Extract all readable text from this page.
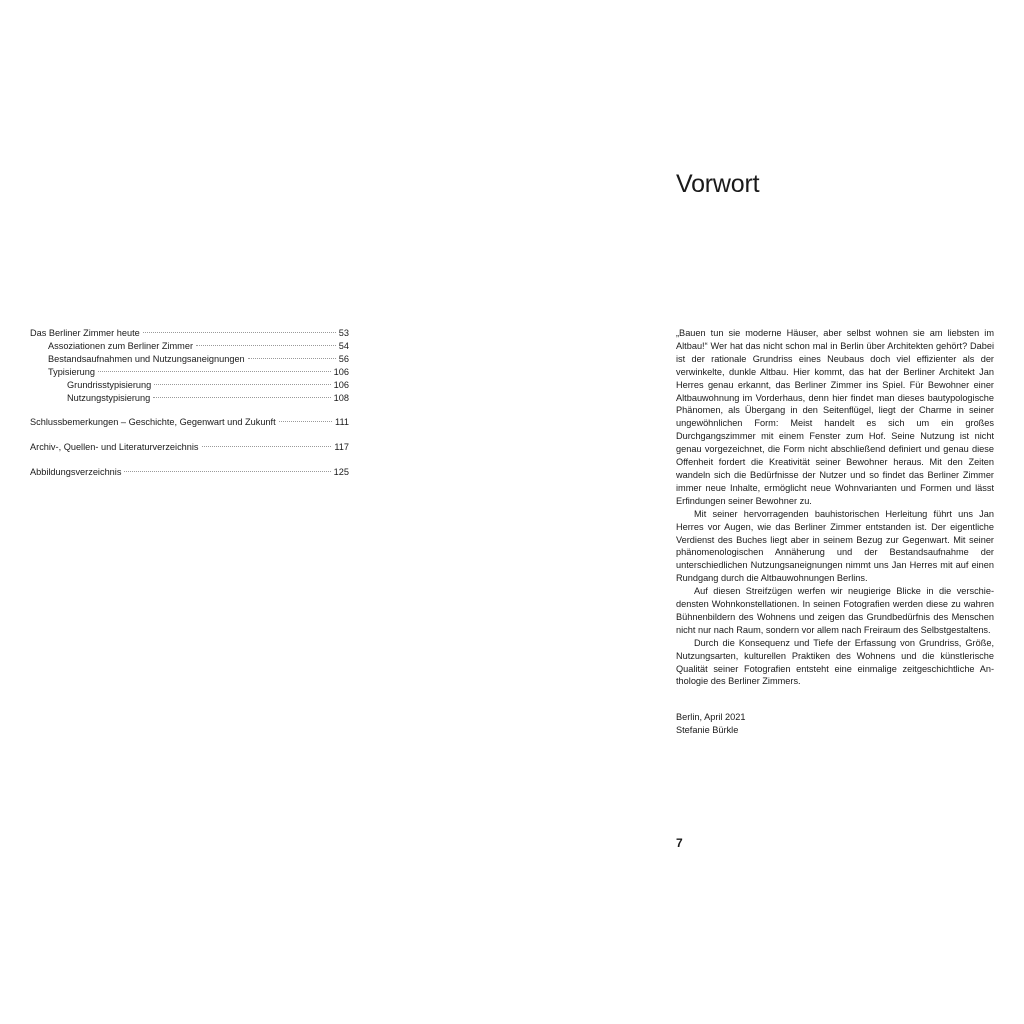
Das Berliner Zimmer heute	53
Assoziationen zum Berliner Zimmer	54
Bestandsaufnahmen und Nutzungsaneignungen	56
Typisierung	106
Grundrisstypisierung	106
Nutzungstypisierung	108
Schlussbemerkungen – Geschichte, Gegenwart und Zukunft	111
Archiv-, Quellen- und Literaturverzeichnis	117
Abbildungsverzeichnis	125
Vorwort

„Bauen tun sie moderne Häuser, aber selbst wohnen sie am liebsten im Altbau!“ Wer hat das nicht schon mal in Berlin über Architekten gehört? Dabei ist der rationale Grundriss eines Neubaus doch viel effizienter als der verwinkelte, dunkle Altbau. Hier kommt, das hat der Berliner Architekt Jan Herres genau erkannt, das Berliner Zimmer ins Spiel. Für Bewohner einer Altbauwohnung im Vorderhaus, denn hier findet man dieses bautypologische Phänomen, als Übergang in den Seitenflügel, liegt der Charme in seiner ungewöhnlichen Form: Meist handelt es sich um ein großes Durchgangszimmer mit einem Fenster zum Hof. Seine Nutzung ist nicht genau vorgezeichnet, die Form nicht abschließend definiert und genau diese Offenheit fordert die Kreativität seiner Bewohner heraus. Mit den Zeiten wandeln sich die Bedürfnisse der Nutzer und so findet das Berliner Zimmer immer neue Inhalte, ermöglicht neue Wohnvarianten und Formen und lässt Erfindungen seiner Bewohner zu.

Mit seiner hervorragenden bauhistorischen Herleitung führt uns Jan Herres vor Augen, wie das Berliner Zimmer entstanden ist. Der eigentliche Verdienst des Buches liegt aber in seinem Bezug zur Gegenwart. Mit seiner phänomenologischen Annäherung und der Bestandsaufnahme der unterschiedlichen Nutzungsaneignungen nimmt uns Jan Herres mit auf einen Rundgang durch die Altbauwohnungen Berlins.

Auf diesen Streifzügen werfen wir neugierige Blicke in die verschiedensten Wohnkonstellationen. In seinen Fotografien werden diese zu wahren Bühnenbildern des Wohnens und zeigen das Grundbedürfnis des Menschen nicht nur nach Raum, sondern vor allem nach Freiraum des Selbstgestaltens.

Durch die Konsequenz und Tiefe der Erfassung von Grundriss, Größe, Nutzungsarten, kulturellen Praktiken des Wohnens und die künstlerische Qualität seiner Fotografien entsteht eine einmalige zeitgeschichtliche Anthologie des Berliner Zimmers.

Berlin, April 2021
Stefanie Bürkle
7
